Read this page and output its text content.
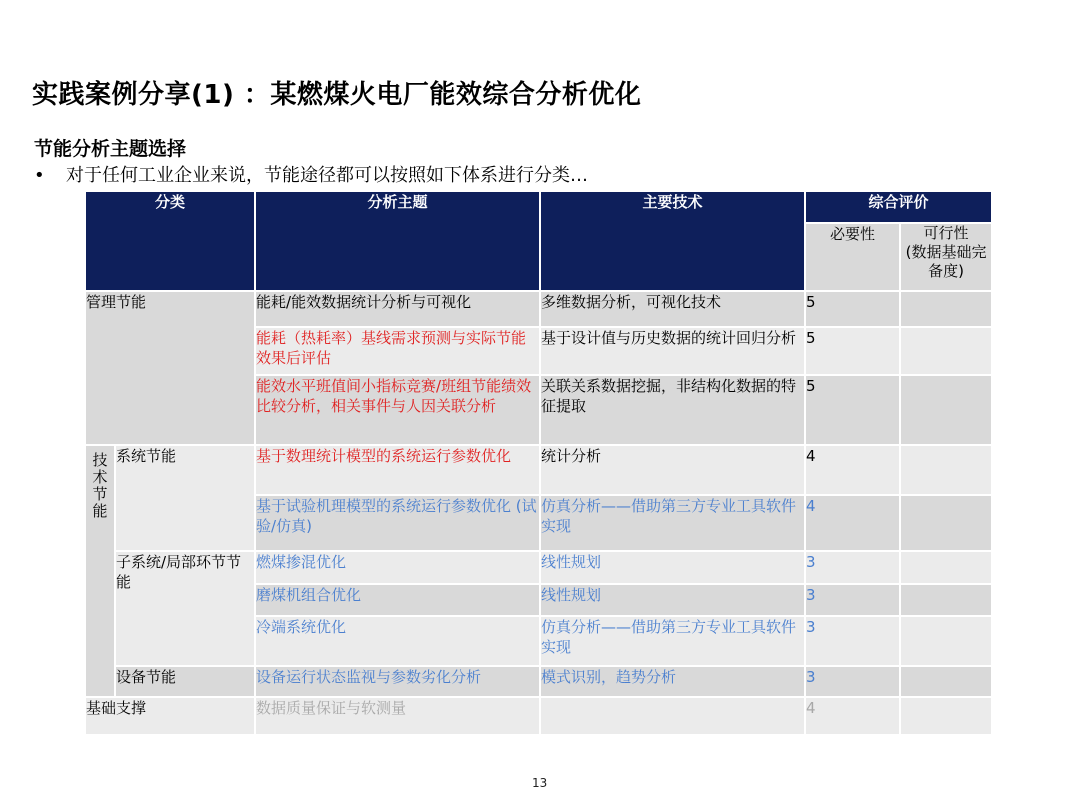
实践案例分享(1) ：某燃煤火电厂能效综合分析优化
节能分析主题选择
• 对于任何工业企业来说，节能途径都可以按照如下体系进行分类…
分类		分析主题	主要技术	综合评价	
				必要性	可行性
(数据基础完备度)
管理节能		能耗/能效数据统计分析与可视化	多维数据分析，可视化技术	5	
		能耗（热耗率）基线需求预测与实际节能效果后评估	基于设计值与历史数据的统计回归分析	5	
		能效水平班值间小指标竞赛/班组节能绩效比较分析，相关事件与人因关联分析	关联关系数据挖掘，非结构化数据的特征提取	5	

技
术
节
能	系统节能	基于数理统计模型的系统运行参数优化	统计分析	4	
		基于试验机理模型的系统运行参数优化 (试验/仿真)	仿真分析——借助第三方专业工具软件实现	4	
	子系统/局部环节节能	燃煤掺混优化	线性规划	3	
		磨煤机组合优化	线性规划	3	
		冷端系统优化	仿真分析——借助第三方专业工具软件实现	3	
	设备节能	设备运行状态监视与参数劣化分析	模式识别，趋势分析	3	
基础支撑		数据质量保证与软测量		4	
13
